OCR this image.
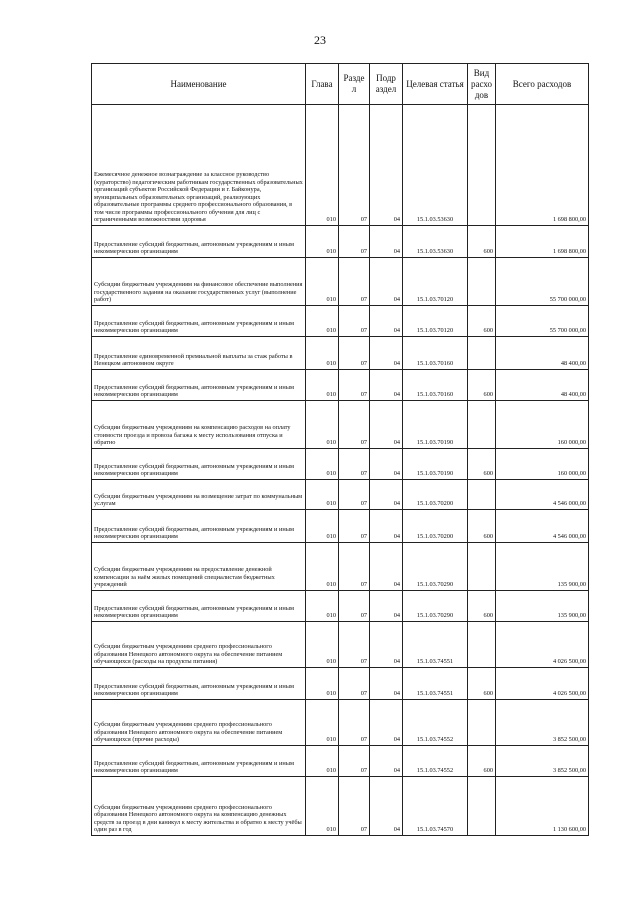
23
Наименование	Глава	Разде л	Подр аздел	Целевая статья	Вид расхо дов	Всего расходов
Ежемесячное денежное вознаграждение за классное руководство (кураторство) педагогическим работникам государственных образовательных организаций субъектов Российской Федерации и г. Байконура, муниципальных образовательных организаций, реализующих образовательные программы среднего профессионального образования, в том числе программы профессионального обучения для лиц с ограниченными возможностями здоровья	010	07	04	15.1.03.53630		1 698 800,00
Предоставление субсидий бюджетным, автономным учреждениям и иным некоммерческим организациям	010	07	04	15.1.03.53630	600	1 698 800,00
Субсидии бюджетным учреждениям на финансовое обеспечение выполнения государственного задания на оказание государственных услуг (выполнение работ)	010	07	04	15.1.03.70120		55 700 000,00
Предоставление субсидий бюджетным, автономным учреждениям и иным некоммерческим организациям	010	07	04	15.1.03.70120	600	55 700 000,00
Предоставление единовременной премиальной выплаты за стаж работы в Ненецком автономном округе	010	07	04	15.1.03.70160		48 400,00
Предоставление субсидий бюджетным, автономным учреждениям и иным некоммерческим организациям	010	07	04	15.1.03.70160	600	48 400,00
Субсидии бюджетным учреждениям на компенсацию расходов на оплату стоимости проезда и провоза багажа к месту использования отпуска и обратно	010	07	04	15.1.03.70190		160 000,00
Предоставление субсидий бюджетным, автономным учреждениям и иным некоммерческим организациям	010	07	04	15.1.03.70190	600	160 000,00
Субсидии бюджетным учреждениям на возмещение затрат по коммунальным услугам	010	07	04	15.1.03.70200		4 546 000,00
Предоставление субсидий бюджетным, автономным учреждениям и иным некоммерческим организациям	010	07	04	15.1.03.70200	600	4 546 000,00
Субсидии бюджетным учреждениям на предоставление денежной компенсации за наём жилых помещений специалистам бюджетных учреждений	010	07	04	15.1.03.70290		135 900,00
Предоставление субсидий бюджетным, автономным учреждениям и иным некоммерческим организациям	010	07	04	15.1.03.70290	600	135 900,00
Субсидии бюджетным учреждениям среднего профессионального образования Ненецкого автономного округа на обеспечение питанием обучающихся (расходы на продукты питания)	010	07	04	15.1.03.74551		4 026 500,00
Предоставление субсидий бюджетным, автономным учреждениям и иным некоммерческим организациям	010	07	04	15.1.03.74551	600	4 026 500,00
Субсидии бюджетным учреждениям среднего профессионального образования Ненецкого автономного округа на обеспечение питанием обучающихся (прочие расходы)	010	07	04	15.1.03.74552		3 852 500,00
Предоставление субсидий бюджетным, автономным учреждениям и иным некоммерческим организациям	010	07	04	15.1.03.74552	600	3 852 500,00
Субсидии бюджетным учреждениям среднего профессионального образования Ненецкого автономного округа на компенсацию денежных средств за проезд в дни каникул к месту жительства и обратно к месту учёбы один раз в год	010	07	04	15.1.03.74570		1 130 600,00
